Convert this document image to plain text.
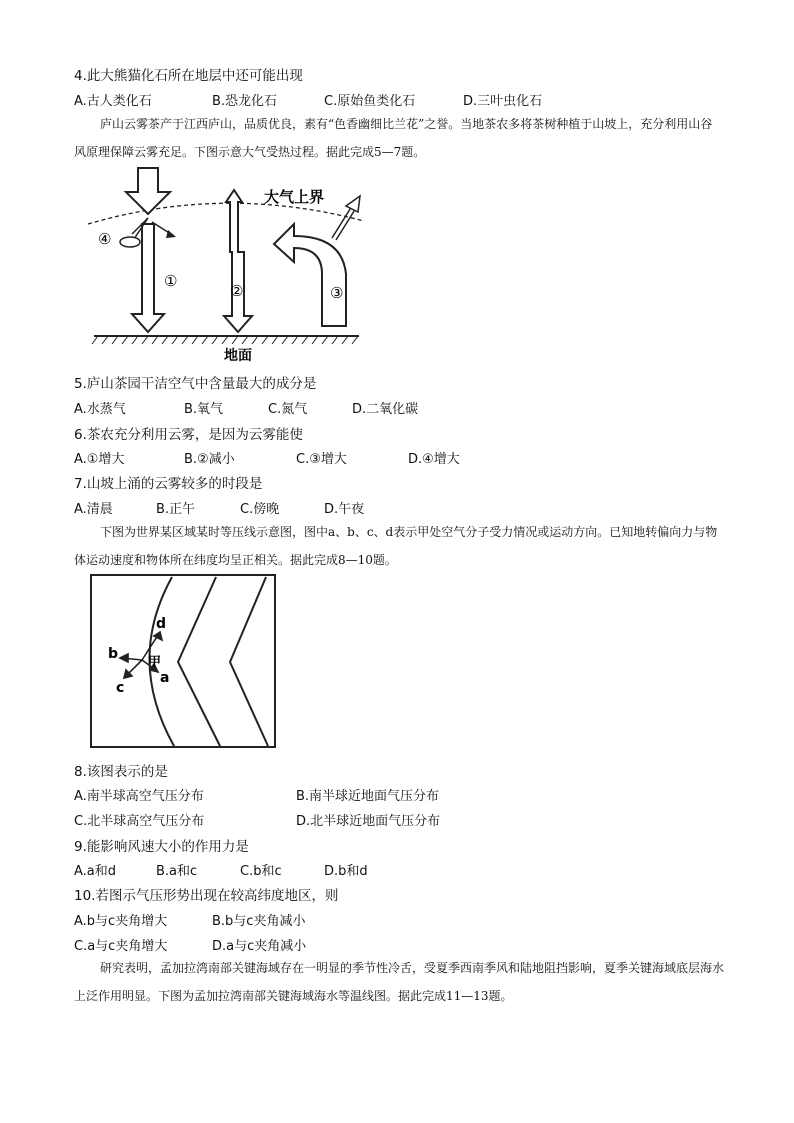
4.此大熊猫化石所在地层中还可能出现
A.古人类化石	B.恐龙化石	C.原始鱼类化石	D.三叶虫化石
庐山云雾茶产于江西庐山，品质优良，素有“色香幽细比兰花”之誉。当地茶农多将茶树种植于山坡上，充分利用山谷风原理保障云雾充足。下图示意大气受热过程。据此完成5—7题。
大气上界
④
①
②	③
地面
5.庐山茶园干洁空气中含量最大的成分是
A.水蒸气	B.氧气	C.氮气	D.二氧化碳
6.茶农充分利用云雾，是因为云雾能使
A.①增大	B.②减小	C.③增大	D.④增大
7.山坡上涌的云雾较多的时段是
A.清晨	B.正午	C.傍晚	D.午夜
下图为世界某区域某时等压线示意图，图中a、b、c、d表示甲处空气分子受力情况或运动方向。已知地转偏向力与物体运动速度和物体所在纬度均呈正相关。据此完成8—10题。
d
b
甲
c
a
8.该图表示的是
A.南半球高空气压分布	B.南半球近地面气压分布
C.北半球高空气压分布	D.北半球近地面气压分布
9.能影响风速大小的作用力是
A.a和d	B.a和c	C.b和c	D.b和d
10.若图示气压形势出现在较高纬度地区，则
A.b与c夹角增大	B.b与c夹角减小
C.a与c夹角增大	D.a与c夹角减小
研究表明，孟加拉湾南部关键海域存在一明显的季节性冷舌，受夏季西南季风和陆地阻挡影响，夏季关键海域底层海水上泛作用明显。下图为孟加拉湾南部关键海域海水等温线图。据此完成11—13题。
